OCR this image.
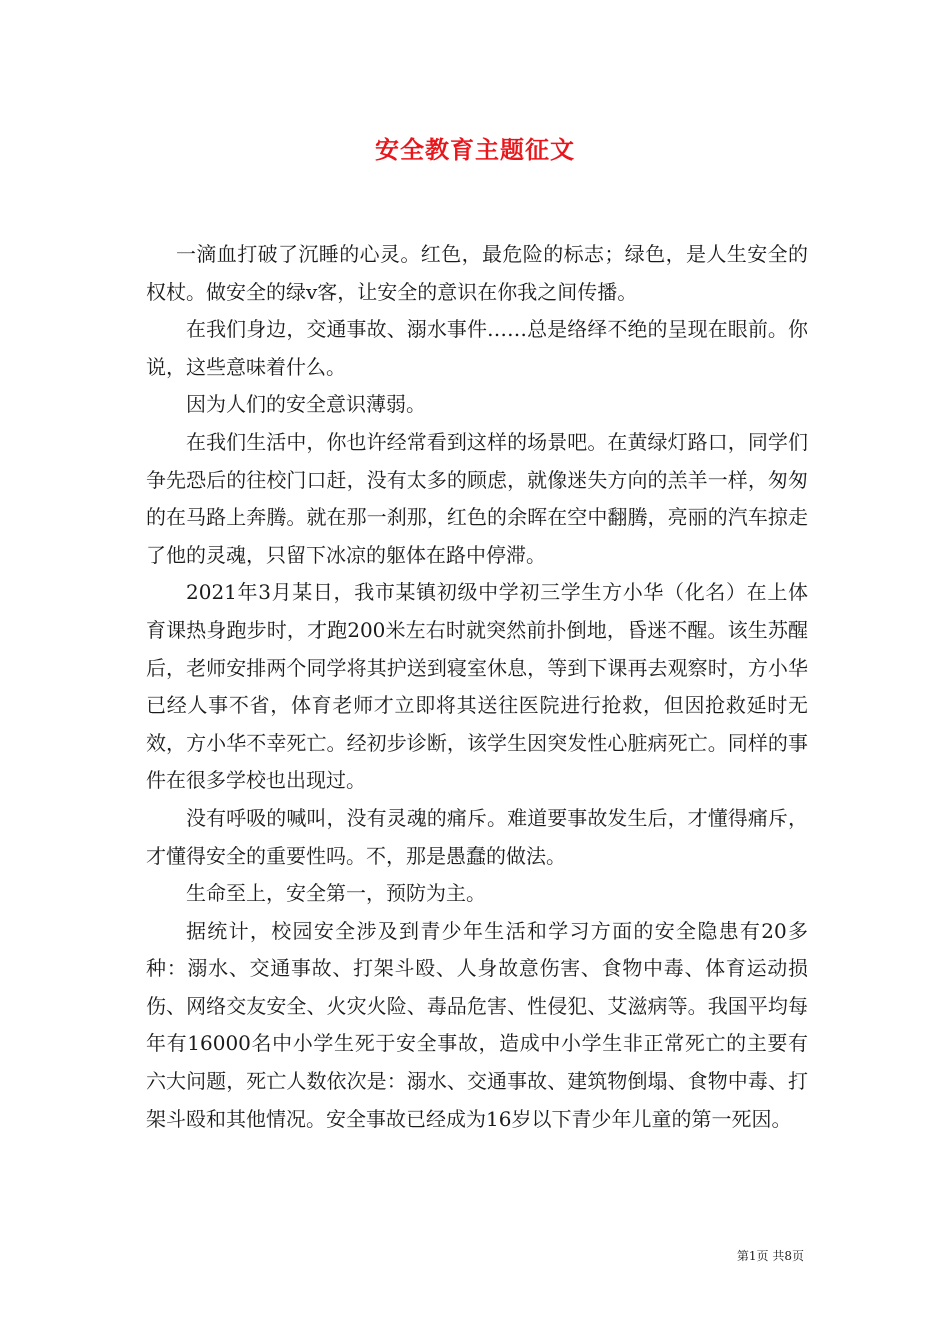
安全教育主题征文

一滴血打破了沉睡的心灵。红色，最危险的标志；绿色，是人生安全的权杖。做安全的绿v客，让安全的意识在你我之间传播。

在我们身边，交通事故、溺水事件……总是络绎不绝的呈现在眼前。你说，这些意味着什么。

因为人们的安全意识薄弱。

在我们生活中，你也许经常看到这样的场景吧。在黄绿灯路口，同学们争先恐后的往校门口赶，没有太多的顾虑，就像迷失方向的羔羊一样，匆匆的在马路上奔腾。就在那一刹那，红色的余晖在空中翻腾，亮丽的汽车掠走了他的灵魂，只留下冰凉的躯体在路中停滞。

2021年3月某日，我市某镇初级中学初三学生方小华（化名）在上体育课热身跑步时，才跑200米左右时就突然前扑倒地，昏迷不醒。该生苏醒后，老师安排两个同学将其护送到寝室休息，等到下课再去观察时，方小华已经人事不省，体育老师才立即将其送往医院进行抢救，但因抢救延时无效，方小华不幸死亡。经初步诊断，该学生因突发性心脏病死亡。同样的事件在很多学校也出现过。

没有呼吸的喊叫，没有灵魂的痛斥。难道要事故发生后，才懂得痛斥，才懂得安全的重要性吗。不，那是愚蠢的做法。

生命至上，安全第一，预防为主。

据统计，校园安全涉及到青少年生活和学习方面的安全隐患有20多种：溺水、交通事故、打架斗殴、人身故意伤害、食物中毒、体育运动损伤、网络交友安全、火灾火险、毒品危害、性侵犯、艾滋病等。我国平均每年有16000名中小学生死于安全事故，造成中小学生非正常死亡的主要有六大问题，死亡人数依次是：溺水、交通事故、建筑物倒塌、食物中毒、打架斗殴和其他情况。安全事故已经成为16岁以下青少年儿童的第一死因。

第1页 共8页
